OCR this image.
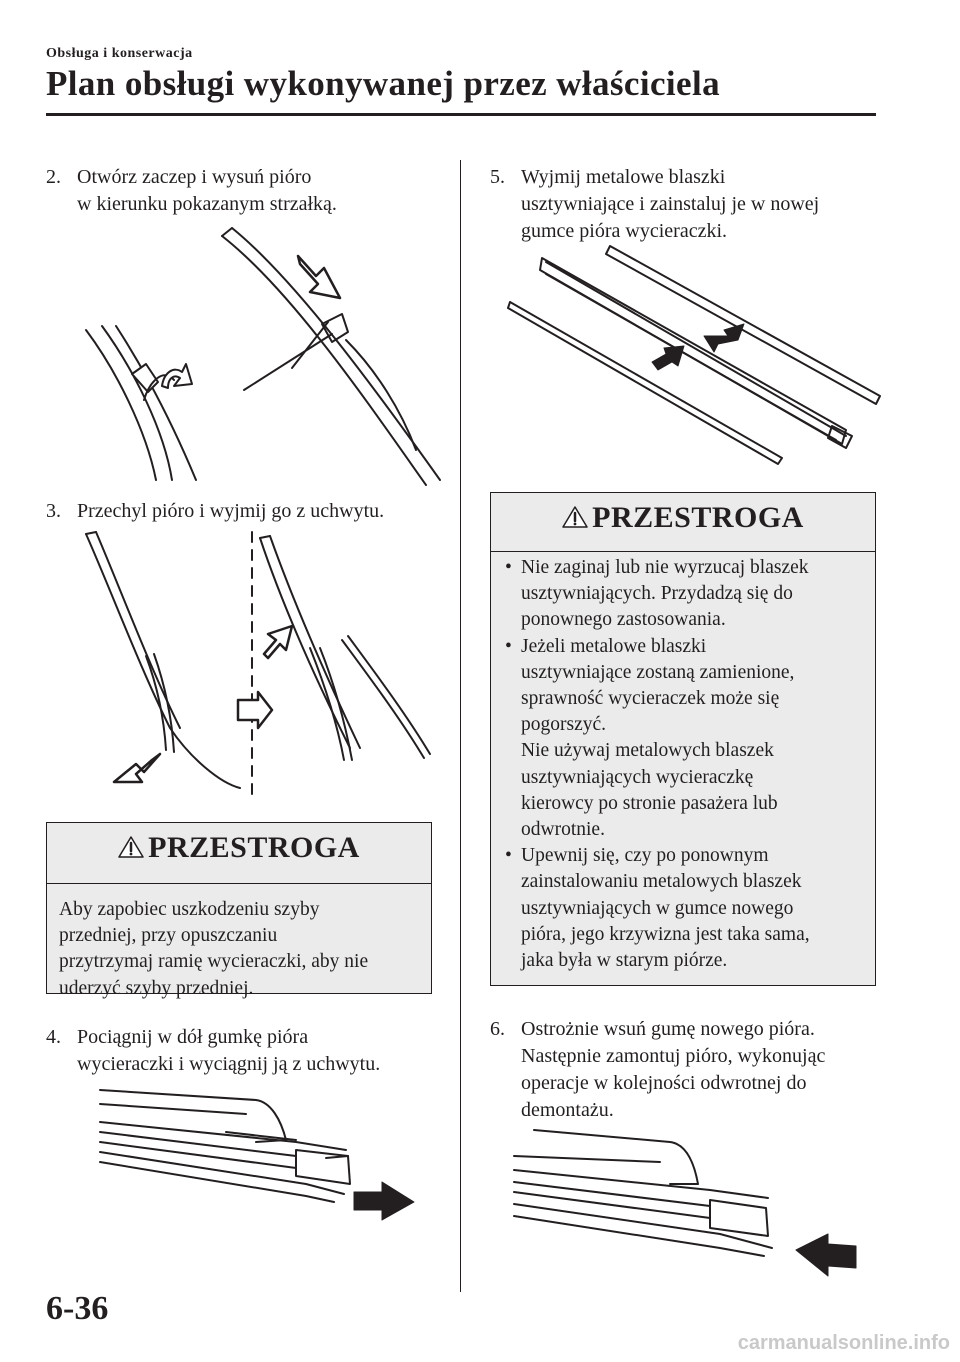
Obsługa i konserwacja
Plan obsługi wykonywanej przez właściciela
2. Otwórz zaczep i wysuń pióro
w kierunku pokazanym strzałką.
3. Przechyl pióro i wyjmij go z uchwytu.
PRZESTROGA
Aby zapobiec uszkodzeniu szyby
przedniej, przy opuszczaniu
przytrzymaj ramię wycieraczki, aby nie
uderzyć szyby przedniej.
4. Pociągnij w dół gumkę pióra
wycieraczki i wyciągnij ją z uchwytu.
6-36
5. Wyjmij metalowe blaszki
usztywniające i zainstaluj je w nowej
gumce pióra wycieraczki.
PRZESTROGA
• Nie zaginaj lub nie wyrzucaj blaszek
usztywniających. Przydadzą się do
ponownego zastosowania.
• Jeżeli metalowe blaszki
usztywniające zostaną zamienione,
sprawność wycieraczek może się
pogorszyć.
Nie używaj metalowych blaszek
usztywniających wycieraczkę
kierowcy po stronie pasażera lub
odwrotnie.
• Upewnij się, czy po ponownym
zainstalowaniu metalowych blaszek
usztywniających w gumce nowego
pióra, jego krzywizna jest taka sama,
jaka była w starym piórze.
6. Ostrożnie wsuń gumę nowego pióra.
Następnie zamontuj pióro, wykonując
operacje w kolejności odwrotnej do
demontażu.
carmanualsonline.info
